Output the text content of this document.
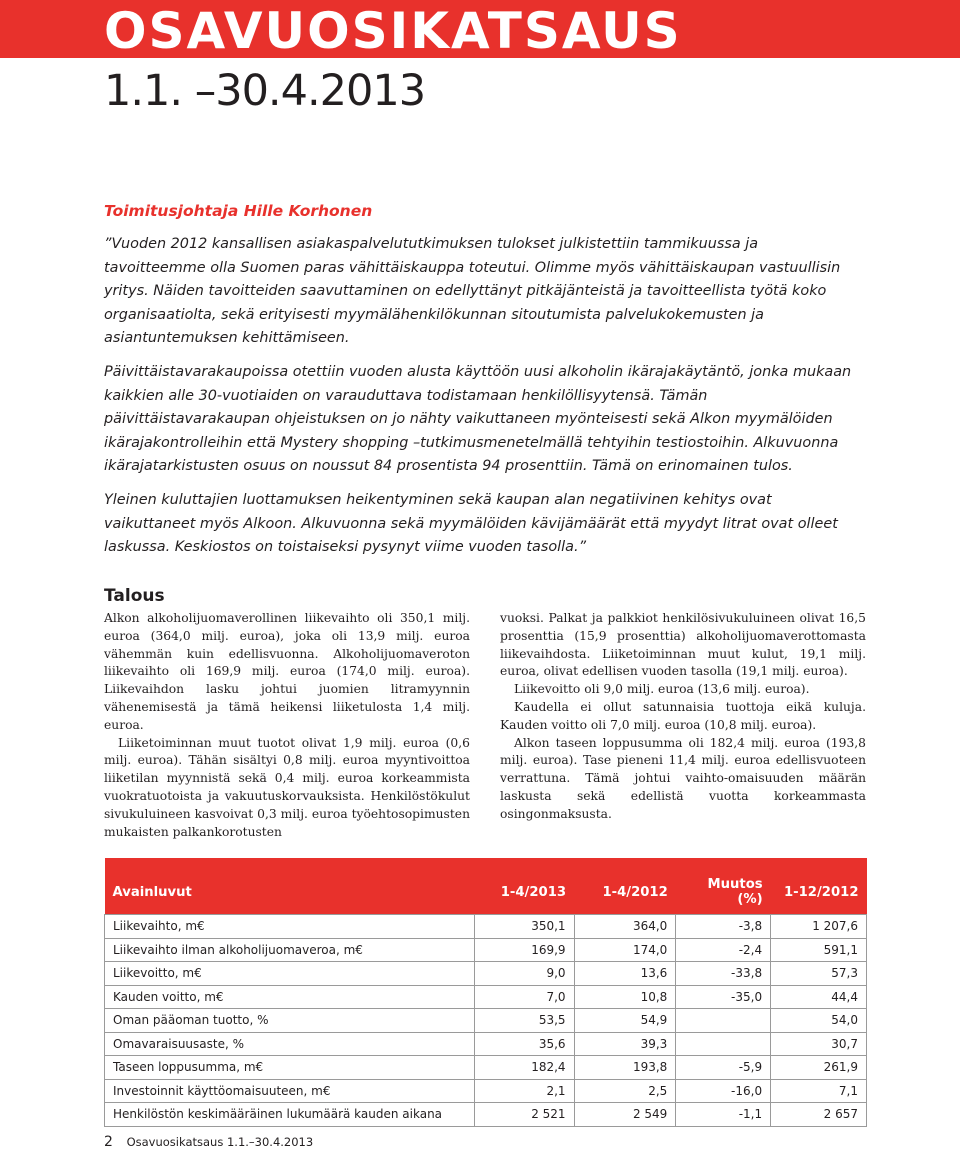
OSAVUOSIKATSAUS
1.1. –30.4.2013
Toimitusjohtaja Hille Korhonen

”Vuoden 2012 kansallisen asiakaspalvelututkimuksen tulokset julkistettiin tammikuussa ja tavoitteemme olla Suomen paras vähittäiskauppa toteutui. Olimme myös vähittäiskaupan vastuullisin yritys. Näiden tavoitteiden saavuttaminen on edellyttänyt pitkäjänteistä ja tavoitteellista työtä koko organisaatiolta, sekä erityisesti myymälähenkilökunnan sitoutumista palvelukokemusten ja asiantuntemuksen kehittämiseen.

Päivittäistavarakaupoissa otettiin vuoden alusta käyttöön uusi alkoholin ikärajakäytäntö, jonka mukaan kaikkien alle 30-vuotiaiden on varauduttava todistamaan henkilöllisyytensä. Tämän päivittäistavarakaupan ohjeistuksen on jo nähty vaikuttaneen myönteisesti sekä Alkon myymälöiden ikärajakontrolleihin että Mystery shopping –tutkimusmenetelmällä tehtyihin testiostoihin. Alkuvuonna ikärajatarkistusten osuus on noussut 84 prosentista 94 prosenttiin. Tämä on erinomainen tulos.

Yleinen kuluttajien luottamuksen heikentyminen sekä kaupan alan negatiivinen kehitys ovat vaikuttaneet myös Alkoon. Alkuvuonna sekä myymälöiden kävijämäärät että myydyt litrat ovat olleet laskussa. Keskiostos on toistaiseksi pysynyt viime vuoden tasolla.”

Talous

Alkon alkoholijuomaverollinen liikevaihto oli 350,1 milj. euroa (364,0 milj. euroa), joka oli 13,9 milj. euroa vähemmän kuin edellisvuonna. Alkoholijuomaveroton liikevaihto oli 169,9 milj. euroa (174,0 milj. euroa). Liikevaihdon lasku johtui juomien litramyynnin vähenemisestä ja tämä heikensi liiketulosta 1,4 milj. euroa.

Liiketoiminnan muut tuotot olivat 1,9 milj. euroa (0,6 milj. euroa). Tähän sisältyi 0,8 milj. euroa myyntivoittoa liiketilan myynnistä sekä 0,4 milj. euroa korkeammista vuokratuotoista ja vakuutuskorvauksista. Henkilöstökulut sivukuluineen kasvoivat 0,3 milj. euroa työehtosopimusten mukaisten palkankorotusten

vuoksi. Palkat ja palkkiot henkilösivukuluineen olivat 16,5 prosenttia (15,9 prosenttia) alkoholijuomaverottomasta liikevaihdosta. Liiketoiminnan muut kulut, 19,1 milj. euroa, olivat edellisen vuoden tasolla (19,1 milj. euroa).

Liikevoitto oli 9,0 milj. euroa (13,6 milj. euroa).

Kaudella ei ollut satunnaisia tuottoja eikä kuluja. Kauden voitto oli 7,0 milj. euroa (10,8 milj. euroa).

Alkon taseen loppusumma oli 182,4 milj. euroa (193,8 milj. euroa). Tase pieneni 11,4 milj. euroa edellisvuoteen verrattuna. Tämä johtui vaihto-omaisuuden määrän laskusta sekä edellistä vuotta korkeammasta osingonmaksusta.

Avainluvut	1-4/2013	1-4/2012	Muutos (%)	1-12/2012
Liikevaihto, m€	350,1	364,0	-3,8	1 207,6
Liikevaihto ilman alkoholijuomaveroa, m€	169,9	174,0	-2,4	591,1
Liikevoitto, m€	9,0	13,6	-33,8	57,3
Kauden voitto, m€	7,0	10,8	-35,0	44,4
Oman pääoman tuotto, %	53,5	54,9		54,0
Omavaraisuusaste, %	35,6	39,3		30,7
Taseen loppusumma, m€	182,4	193,8	-5,9	261,9
Investoinnit käyttöomaisuuteen, m€	2,1	2,5	-16,0	7,1
Henkilöstön keskimääräinen lukumäärä kauden aikana	2 521	2 549	-1,1	2 657
2 Osavuosikatsaus 1.1.–30.4.2013
